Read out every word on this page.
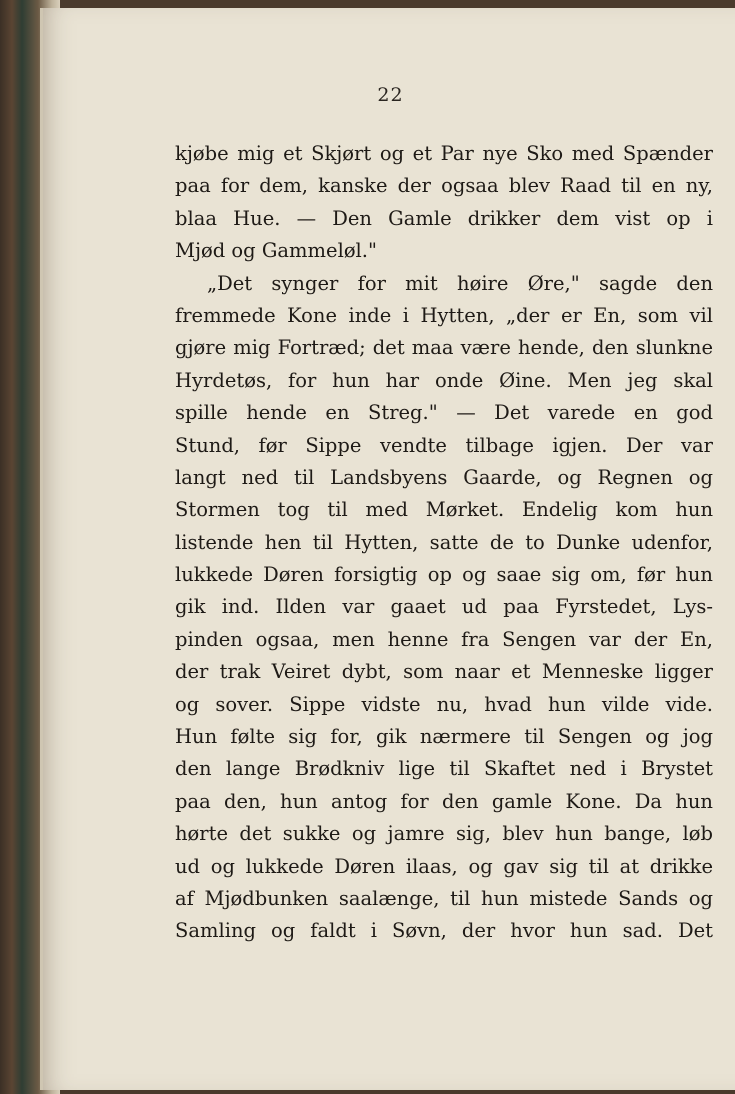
22
kjøbe mig et Skjørt og et Par nye Sko med Spænder
paa for dem, kanske der ogsaa blev Raad til en ny,
blaa Hue. — Den Gamle drikker dem vist op i
Mjød og Gammeløl."
„Det synger for mit høire Øre," sagde den
fremmede Kone inde i Hytten, „der er En, som vil
gjøre mig Fortræd; det maa være hende, den slunkne
Hyrdetøs, for hun har onde Øine. Men jeg skal
spille hende en Streg." — Det varede en god
Stund, før Sippe vendte tilbage igjen. Der var
langt ned til Landsbyens Gaarde, og Regnen og
Stormen tog til med Mørket. Endelig kom hun
listende hen til Hytten, satte de to Dunke udenfor,
lukkede Døren forsigtig op og saae sig om, før hun
gik ind. Ilden var gaaet ud paa Fyrstedet, Lys-
pinden ogsaa, men henne fra Sengen var der En,
der trak Veiret dybt, som naar et Menneske ligger
og sover. Sippe vidste nu, hvad hun vilde vide.
Hun følte sig for, gik nærmere til Sengen og jog
den lange Brødkniv lige til Skaftet ned i Brystet
paa den, hun antog for den gamle Kone. Da hun
hørte det sukke og jamre sig, blev hun bange, løb
ud og lukkede Døren ilaas, og gav sig til at drikke
af Mjødbunken saalænge, til hun mistede Sands og
Samling og faldt i Søvn, der hvor hun sad. Det
